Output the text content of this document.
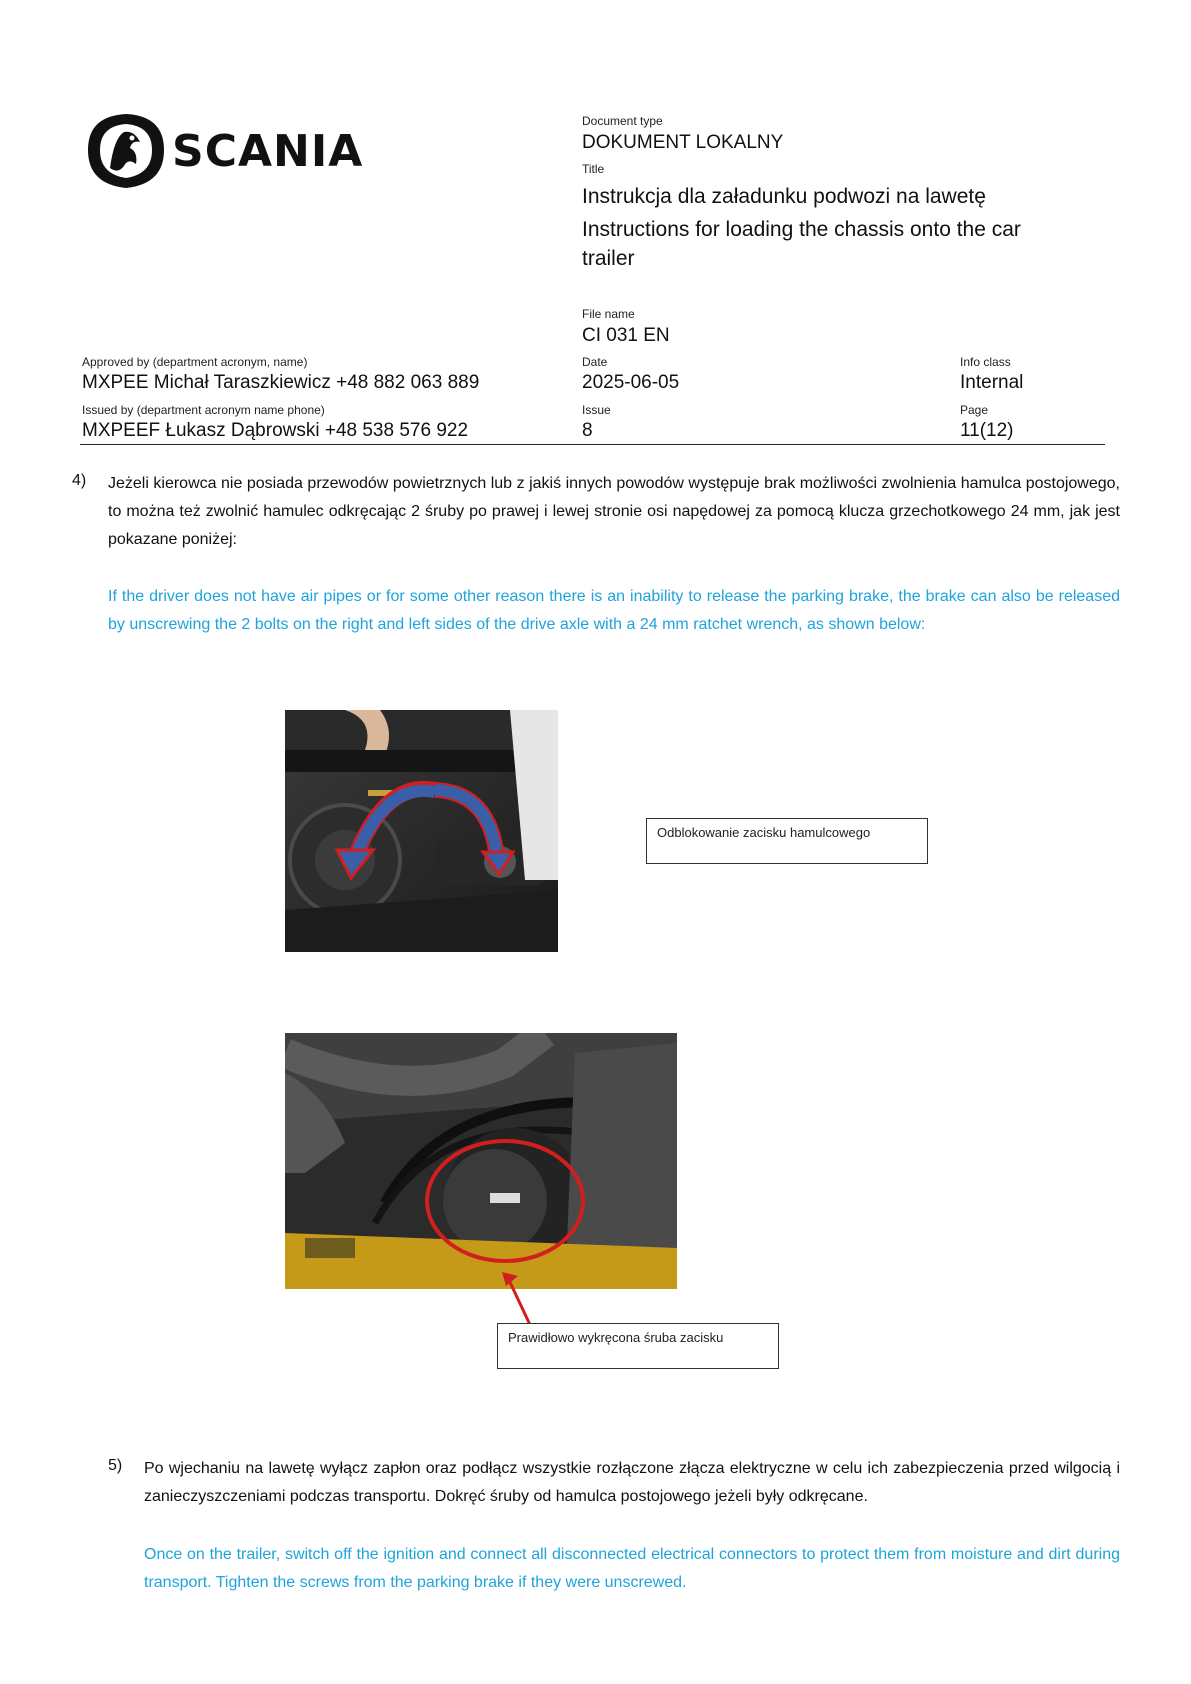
SCANIA
Document type
DOKUMENT LOKALNY
Title
Instrukcja dla załadunku podwozi na lawetę
Instructions for loading the chassis onto the car
trailer
File name
CI 031 EN
Approved by (department acronym, name)
MXPEE Michał Taraszkiewicz +48 882 063 889
Date
2025-06-05
Info class
Internal
Issued by (department acronym name phone)
MXPEEF Łukasz Dąbrowski +48 538 576 922
Issue
8
Page
11(12)
4) Jeżeli kierowca nie posiada przewodów powietrznych lub z jakiś innych powodów występuje brak możliwości zwolnienia hamulca postojowego, to można też zwolnić hamulec odkręcając 2 śruby po prawej i lewej stronie osi napędowej za pomocą klucza grzechotkowego 24 mm, jak jest pokazane poniżej:
If the driver does not have air pipes or for some other reason there is an inability to release the parking brake, the brake can also be released by unscrewing the 2 bolts on the right and left sides of the drive axle with a 24 mm ratchet wrench, as shown below:
Odblokowanie zacisku hamulcowego
Prawidłowo wykręcona śruba zacisku
5) Po wjechaniu na lawetę wyłącz zapłon oraz podłącz wszystkie rozłączone złącza elektryczne w celu ich zabezpieczenia przed wilgocią i zanieczyszczeniami podczas transportu. Dokręć śruby od hamulca postojowego jeżeli były odkręcane.
Once on the trailer, switch off the ignition and connect all disconnected electrical connectors to protect them from moisture and dirt during transport. Tighten the screws from the parking brake if they were unscrewed.
